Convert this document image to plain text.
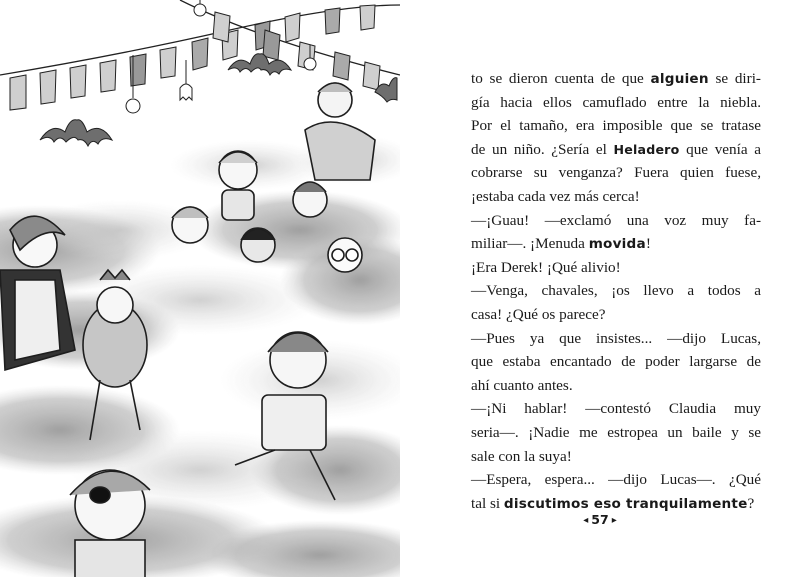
to se dieron cuenta de que alguien se diri-
gía hacia ellos camuflado entre la niebla.
Por el tamaño, era imposible que se tratase
de un niño. ¿Sería el Heladero que venía a
cobrarse su venganza? Fuera quien fuese,
¡estaba cada vez más cerca!
—¡Guau! —exclamó una voz muy fa-
miliar—. ¡Menuda movida!
¡Era Derek! ¡Qué alivio!
—Venga, chavales, ¡os llevo a todos a
casa! ¿Qué os parece?
—Pues ya que insistes... —dijo Lucas,
que estaba encantado de poder largarse de
ahí cuanto antes.
—¡Ni hablar! —contestó Claudia muy
seria—. ¡Nadie me estropea un baile y se
sale con la suya!
—Espera, espera... —dijo Lucas—. ¿Qué
tal si discutimos eso tranquilamente?
◂ 57 ▸
